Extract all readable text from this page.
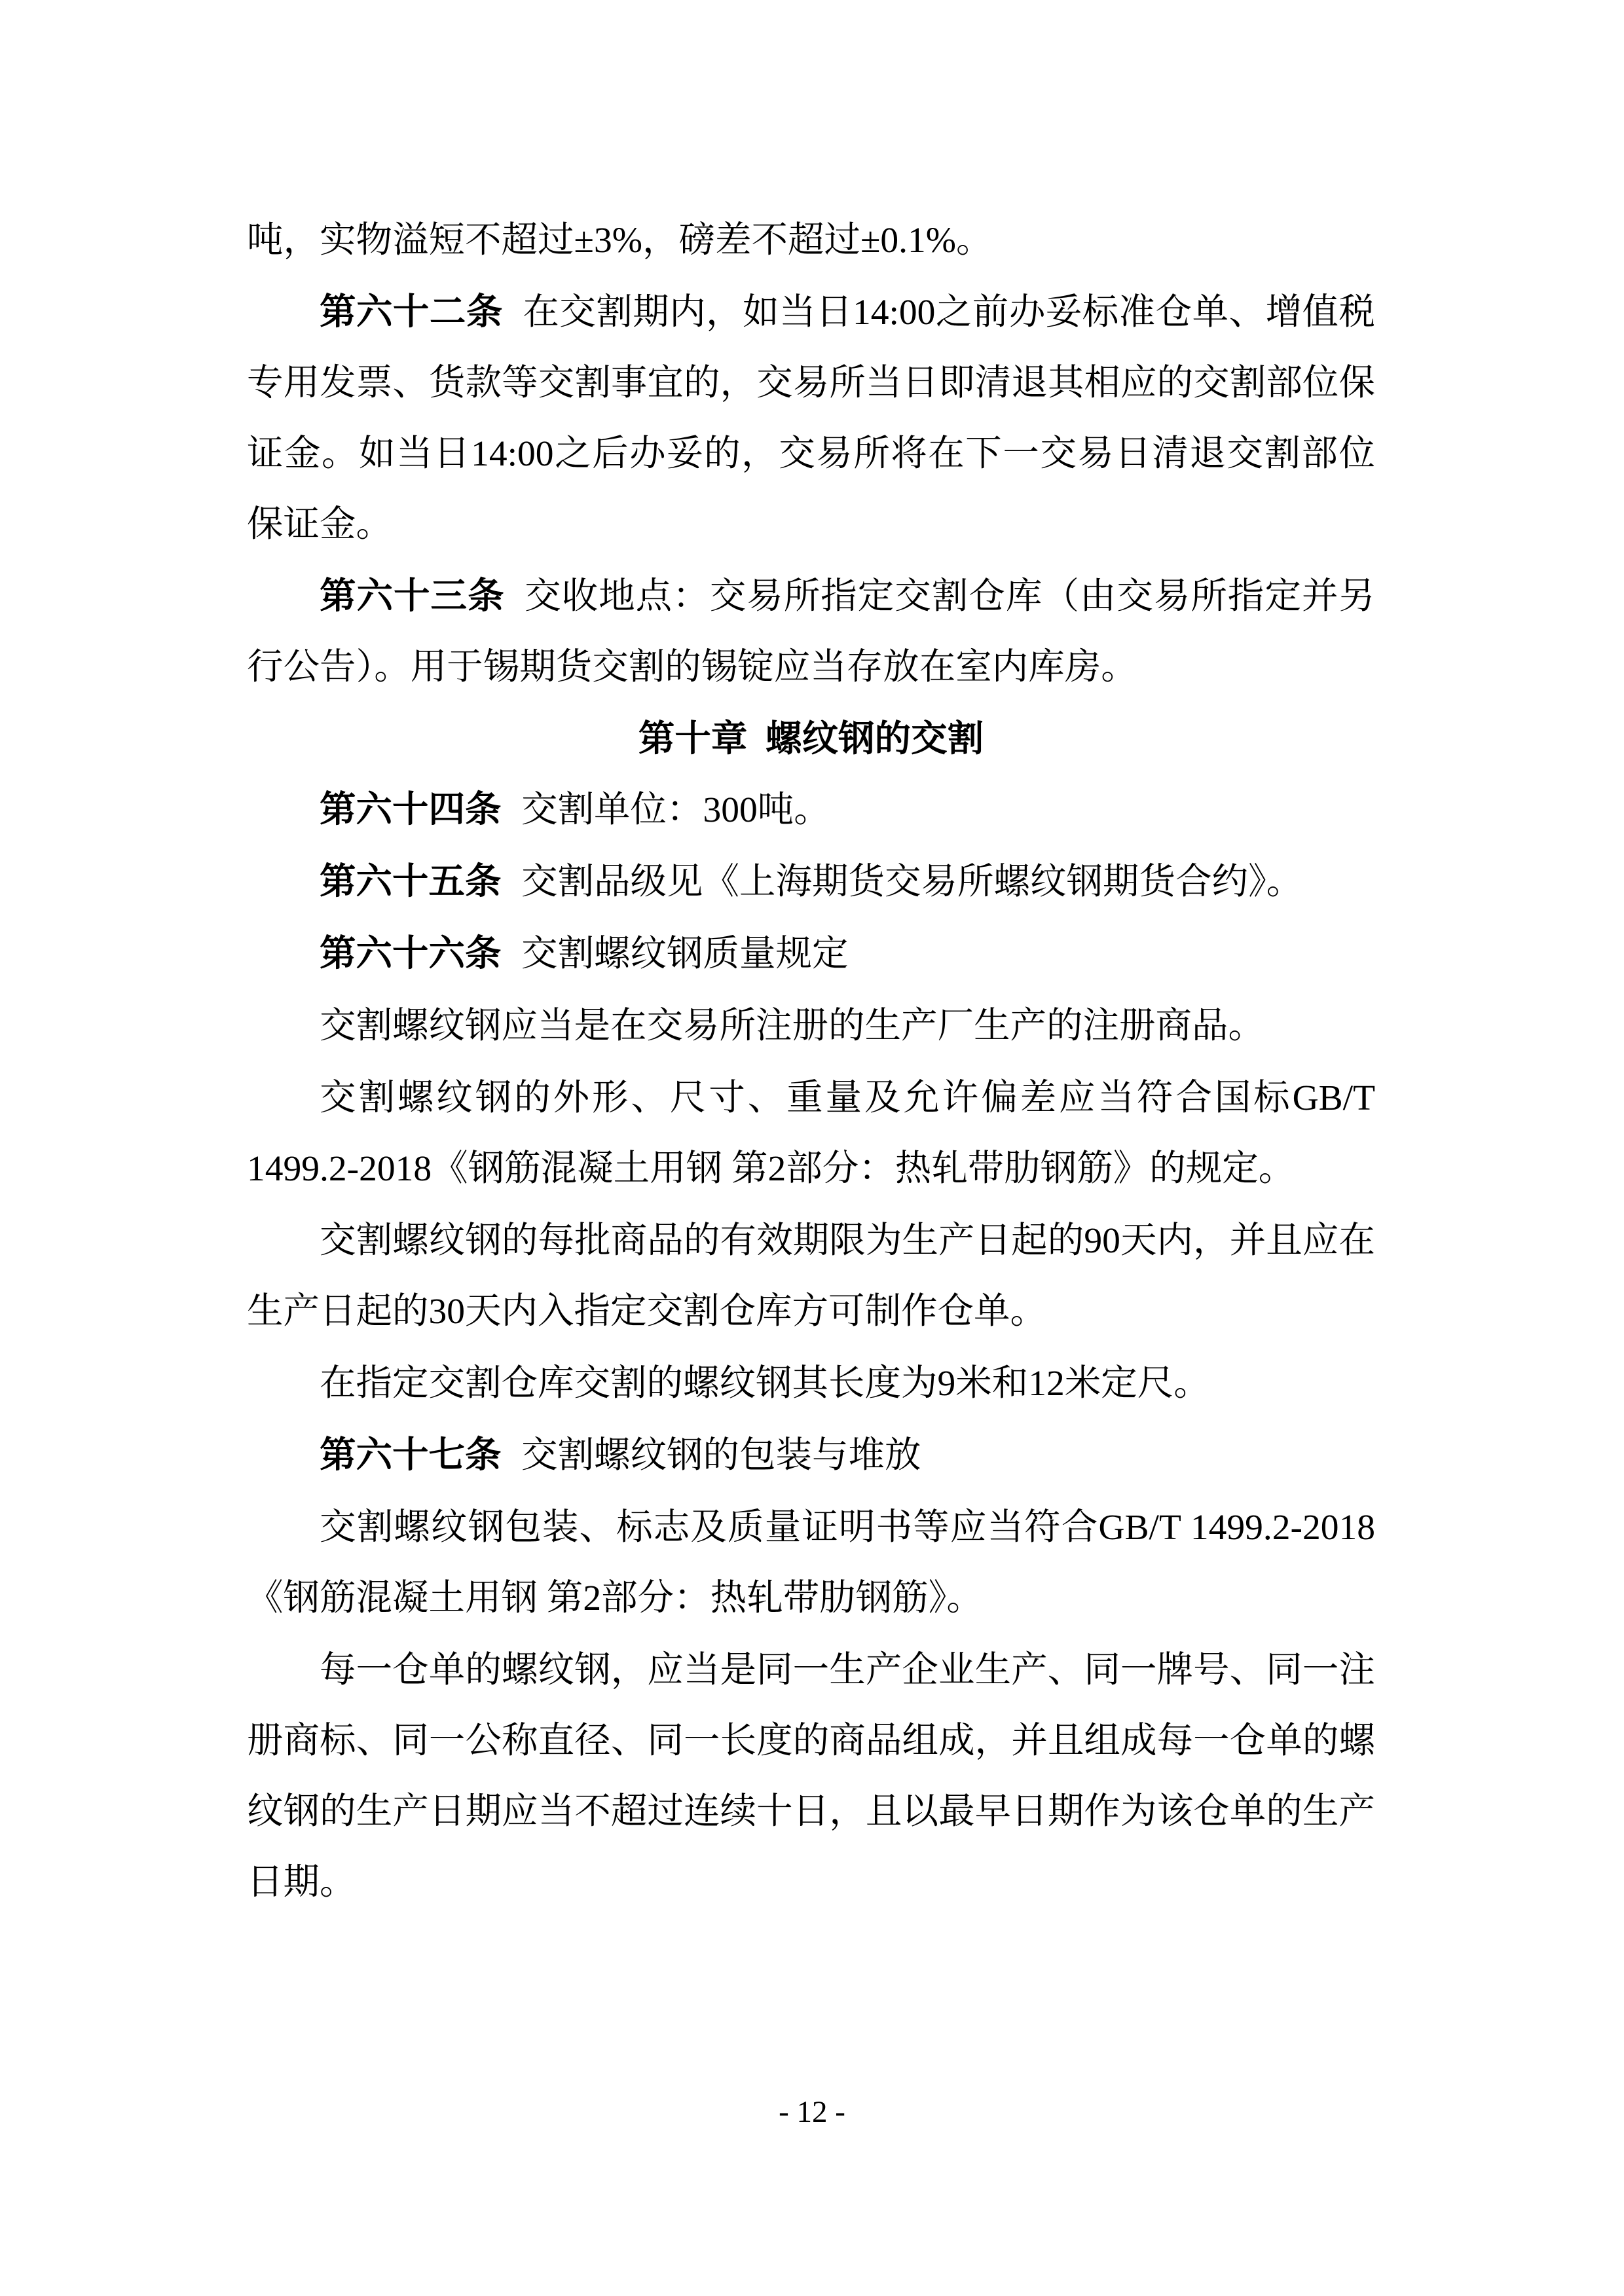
吨，实物溢短不超过±3%，磅差不超过±0.1%。

第六十二条 在交割期内，如当日14:00之前办妥标准仓单、增值税专用发票、货款等交割事宜的，交易所当日即清退其相应的交割部位保证金。如当日14:00之后办妥的，交易所将在下一交易日清退交割部位保证金。

第六十三条 交收地点：交易所指定交割仓库（由交易所指定并另行公告）。用于锡期货交割的锡锭应当存放在室内库房。

第十章 螺纹钢的交割

第六十四条 交割单位：300吨。

第六十五条 交割品级见《上海期货交易所螺纹钢期货合约》。

第六十六条 交割螺纹钢质量规定

交割螺纹钢应当是在交易所注册的生产厂生产的注册商品。

交割螺纹钢的外形、尺寸、重量及允许偏差应当符合国标GB/T 1499.2-2018《钢筋混凝土用钢 第2部分：热轧带肋钢筋》的规定。

交割螺纹钢的每批商品的有效期限为生产日起的90天内，并且应在生产日起的30天内入指定交割仓库方可制作仓单。

在指定交割仓库交割的螺纹钢其长度为9米和12米定尺。

第六十七条 交割螺纹钢的包装与堆放

交割螺纹钢包装、标志及质量证明书等应当符合GB/T 1499.2-2018《钢筋混凝土用钢 第2部分：热轧带肋钢筋》。

每一仓单的螺纹钢，应当是同一生产企业生产、同一牌号、同一注册商标、同一公称直径、同一长度的商品组成，并且组成每一仓单的螺纹钢的生产日期应当不超过连续十日，且以最早日期作为该仓单的生产日期。

- 12 -
